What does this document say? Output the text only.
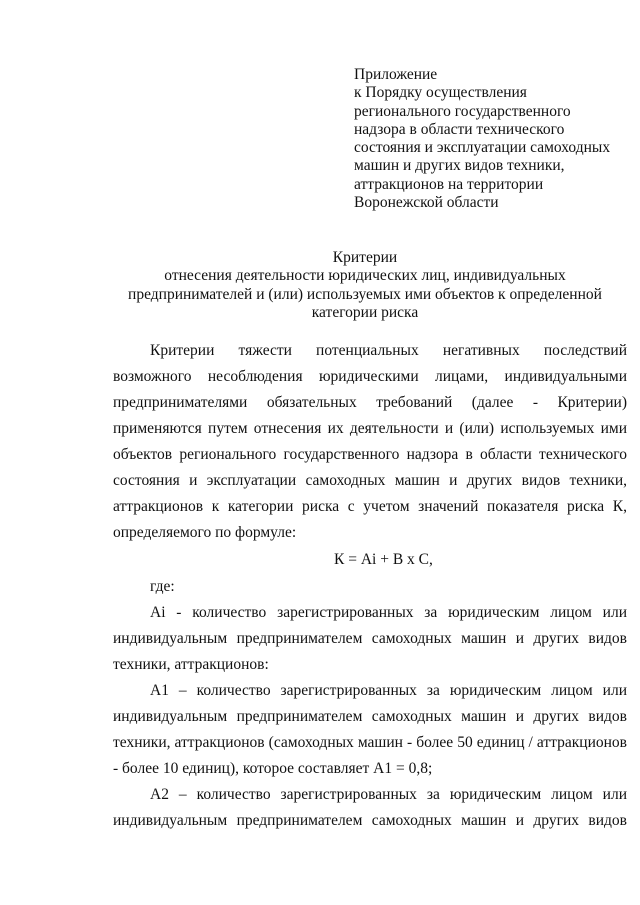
Приложение
к Порядку осуществления
регионального государственного
надзора в области технического
состояния и эксплуатации самоходных
машин и других видов техники,
аттракционов на территории
Воронежской области
Критерии
отнесения деятельности юридических лиц, индивидуальных
предпринимателей и (или) используемых ими объектов к определенной
категории риска
Критерии тяжести потенциальных негативных последствий
возможного несоблюдения юридическими лицами, индивидуальными
предпринимателями обязательных требований (далее - Критерии)
применяются путем отнесения их деятельности и (или) используемых ими
объектов регионального государственного надзора в области технического
состояния и эксплуатации самоходных машин и других видов техники,
аттракционов к категории риска с учетом значений показателя риска К,
определяемого по формуле:
К = Ai + B x C,
где:
Ai - количество зарегистрированных за юридическим лицом или
индивидуальным предпринимателем самоходных машин и других видов
техники, аттракционов:
А1 – количество зарегистрированных за юридическим лицом или
индивидуальным предпринимателем самоходных машин и других видов
техники, аттракционов (самоходных машин - более 50 единиц / аттракционов
- более 10 единиц), которое составляет А1 = 0,8;
А2 – количество зарегистрированных за юридическим лицом или
индивидуальным предпринимателем самоходных машин и других видов
